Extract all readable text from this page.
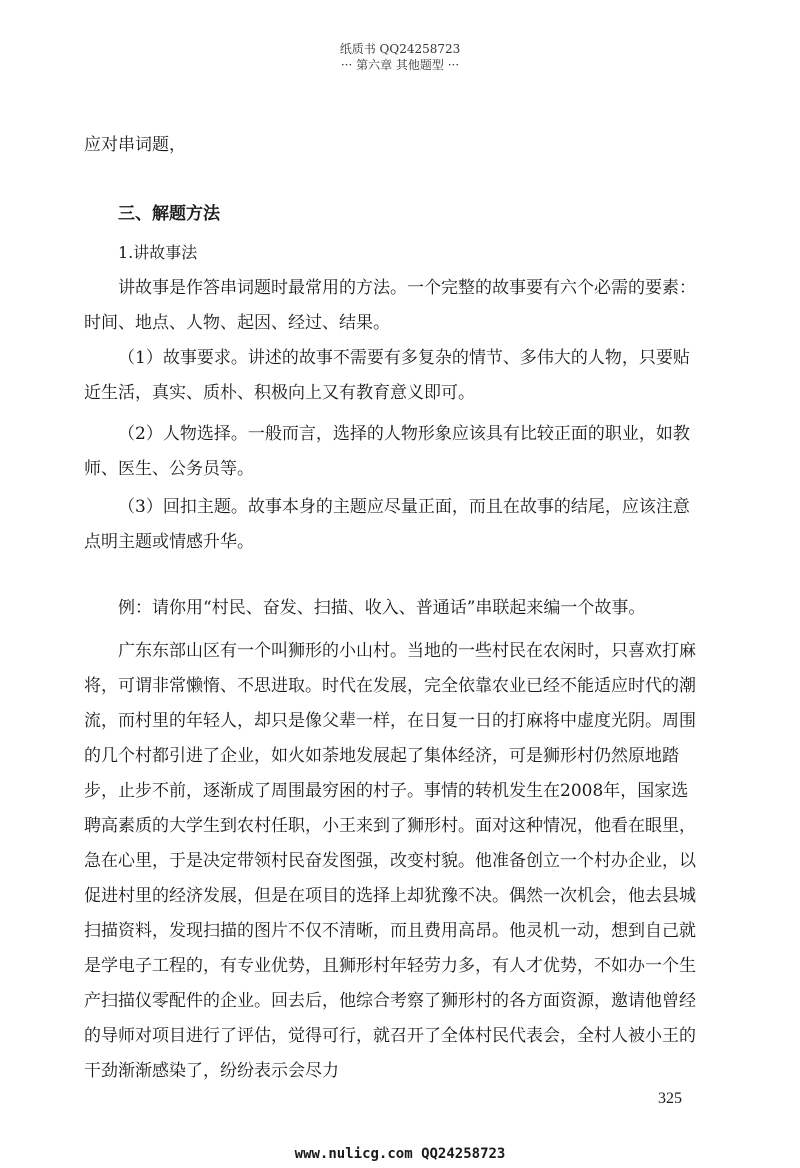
纸质书 QQ24258723
··· 第六章 其他题型 ···

应对串词题，

三、解题方法

1.讲故事法

讲故事是作答串词题时最常用的方法。一个完整的故事要有六个必需的要素：时间、地点、人物、起因、经过、结果。

（1）故事要求。讲述的故事不需要有多复杂的情节、多伟大的人物，只要贴近生活，真实、质朴、积极向上又有教育意义即可。

（2）人物选择。一般而言，选择的人物形象应该具有比较正面的职业，如教师、医生、公务员等。

（3）回扣主题。故事本身的主题应尽量正面，而且在故事的结尾，应该注意点明主题或情感升华。

例：请你用“村民、奋发、扫描、收入、普通话”串联起来编一个故事。

广东东部山区有一个叫狮形的小山村。当地的一些村民在农闲时，只喜欢打麻将，可谓非常懒惰、不思进取。时代在发展，完全依靠农业已经不能适应时代的潮流，而村里的年轻人，却只是像父辈一样，在日复一日的打麻将中虚度光阴。周围的几个村都引进了企业，如火如荼地发展起了集体经济，可是狮形村仍然原地踏步，止步不前，逐渐成了周围最穷困的村子。事情的转机发生在2008年，国家选聘高素质的大学生到农村任职，小王来到了狮形村。面对这种情况，他看在眼里，急在心里，于是决定带领村民奋发图强，改变村貌。他准备创立一个村办企业，以促进村里的经济发展，但是在项目的选择上却犹豫不决。偶然一次机会，他去县城扫描资料，发现扫描的图片不仅不清晰，而且费用高昂。他灵机一动，想到自己就是学电子工程的，有专业优势，且狮形村年轻劳力多，有人才优势，不如办一个生产扫描仪零配件的企业。回去后，他综合考察了狮形村的各方面资源，邀请他曾经的导师对项目进行了评估，觉得可行，就召开了全体村民代表会，全村人被小王的干劲渐渐感染了，纷纷表示会尽力

325
www.nulicg.com QQ24258723
